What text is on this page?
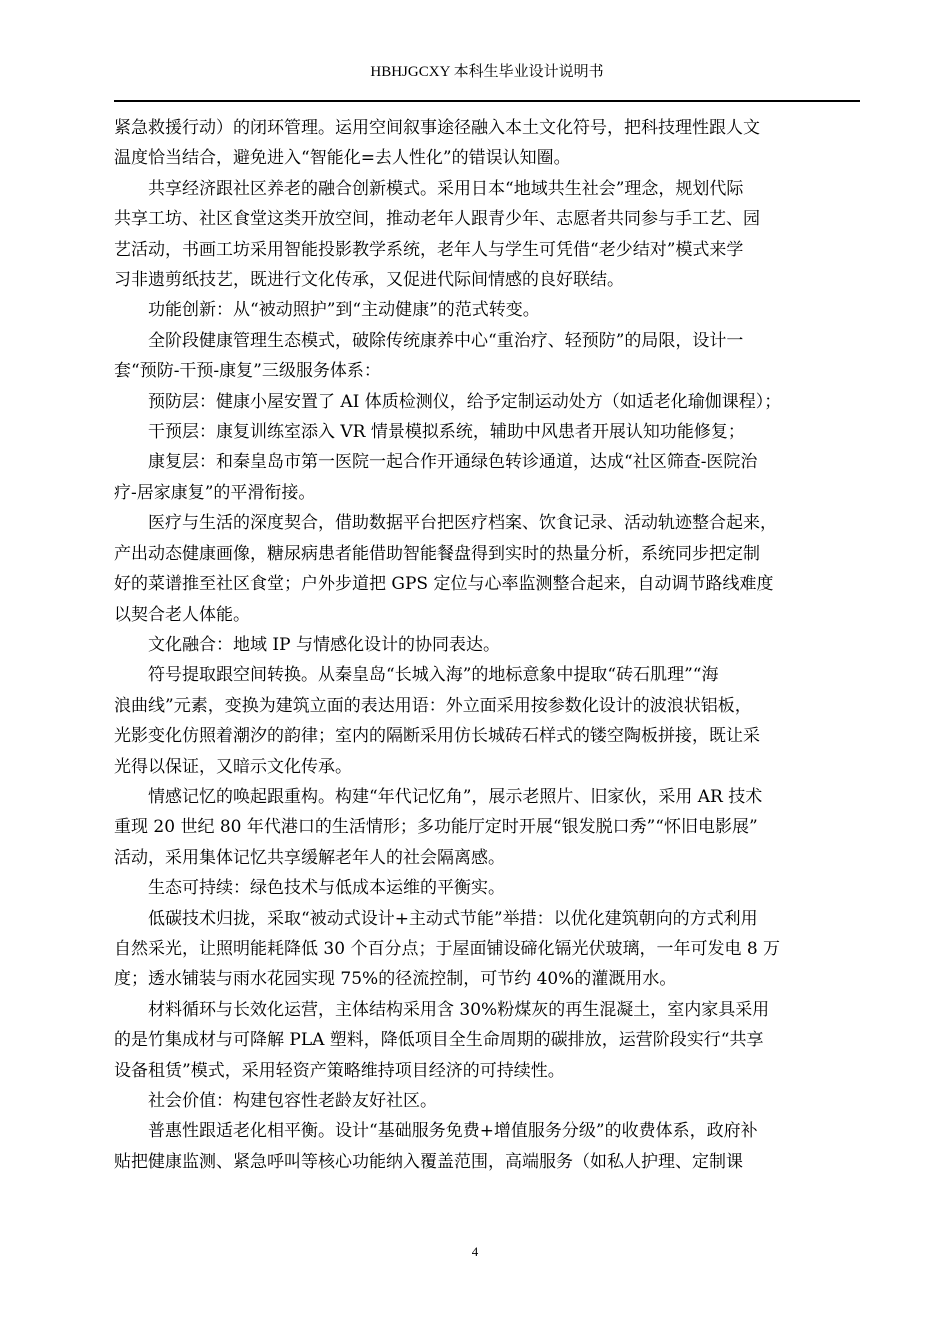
HBHJGCXY 本科生毕业设计说明书

紧急救援行动）的闭环管理。运用空间叙事途径融入本土文化符号，把科技理性跟人文

温度恰当结合，避免进入“智能化=去人性化”的错误认知圈。

共享经济跟社区养老的融合创新模式。采用日本“地域共生社会”理念，规划代际

共享工坊、社区食堂这类开放空间，推动老年人跟青少年、志愿者共同参与手工艺、园

艺活动，书画工坊采用智能投影教学系统，老年人与学生可凭借“老少结对”模式来学

习非遗剪纸技艺，既进行文化传承，又促进代际间情感的良好联结。

功能创新：从“被动照护”到“主动健康”的范式转变。

全阶段健康管理生态模式，破除传统康养中心“重治疗、轻预防”的局限，设计一

套“预防-干预-康复”三级服务体系：

预防层：健康小屋安置了 AI 体质检测仪，给予定制运动处方（如适老化瑜伽课程）；

干预层：康复训练室添入 VR 情景模拟系统，辅助中风患者开展认知功能修复；

康复层：和秦皇岛市第一医院一起合作开通绿色转诊通道，达成“社区筛查-医院治

疗-居家康复”的平滑衔接。

医疗与生活的深度契合，借助数据平台把医疗档案、饮食记录、活动轨迹整合起来，

产出动态健康画像，糖尿病患者能借助智能餐盘得到实时的热量分析，系统同步把定制

好的菜谱推至社区食堂；户外步道把 GPS 定位与心率监测整合起来，自动调节路线难度

以契合老人体能。

文化融合：地域 IP 与情感化设计的协同表达。

符号提取跟空间转换。从秦皇岛“长城入海”的地标意象中提取“砖石肌理”“海

浪曲线”元素，变换为建筑立面的表达用语：外立面采用按参数化设计的波浪状铝板，

光影变化仿照着潮汐的韵律；室内的隔断采用仿长城砖石样式的镂空陶板拼接，既让采

光得以保证，又暗示文化传承。

情感记忆的唤起跟重构。构建“年代记忆角”，展示老照片、旧家伙，采用 AR 技术

重现 20 世纪 80 年代港口的生活情形；多功能厅定时开展“银发脱口秀”“怀旧电影展”

活动，采用集体记忆共享缓解老年人的社会隔离感。

生态可持续：绿色技术与低成本运维的平衡实。

低碳技术归拢，采取“被动式设计+主动式节能”举措：以优化建筑朝向的方式利用

自然采光，让照明能耗降低 30 个百分点；于屋面铺设碲化镉光伏玻璃，一年可发电 8 万

度；透水铺装与雨水花园实现 75%的径流控制，可节约 40%的灌溉用水。

材料循环与长效化运营，主体结构采用含 30%粉煤灰的再生混凝土，室内家具采用

的是竹集成材与可降解 PLA 塑料，降低项目全生命周期的碳排放，运营阶段实行“共享

设备租赁”模式，采用轻资产策略维持项目经济的可持续性。

社会价值：构建包容性老龄友好社区。

普惠性跟适老化相平衡。设计“基础服务免费+增值服务分级”的收费体系，政府补

贴把健康监测、紧急呼叫等核心功能纳入覆盖范围，高端服务（如私人护理、定制课

4
